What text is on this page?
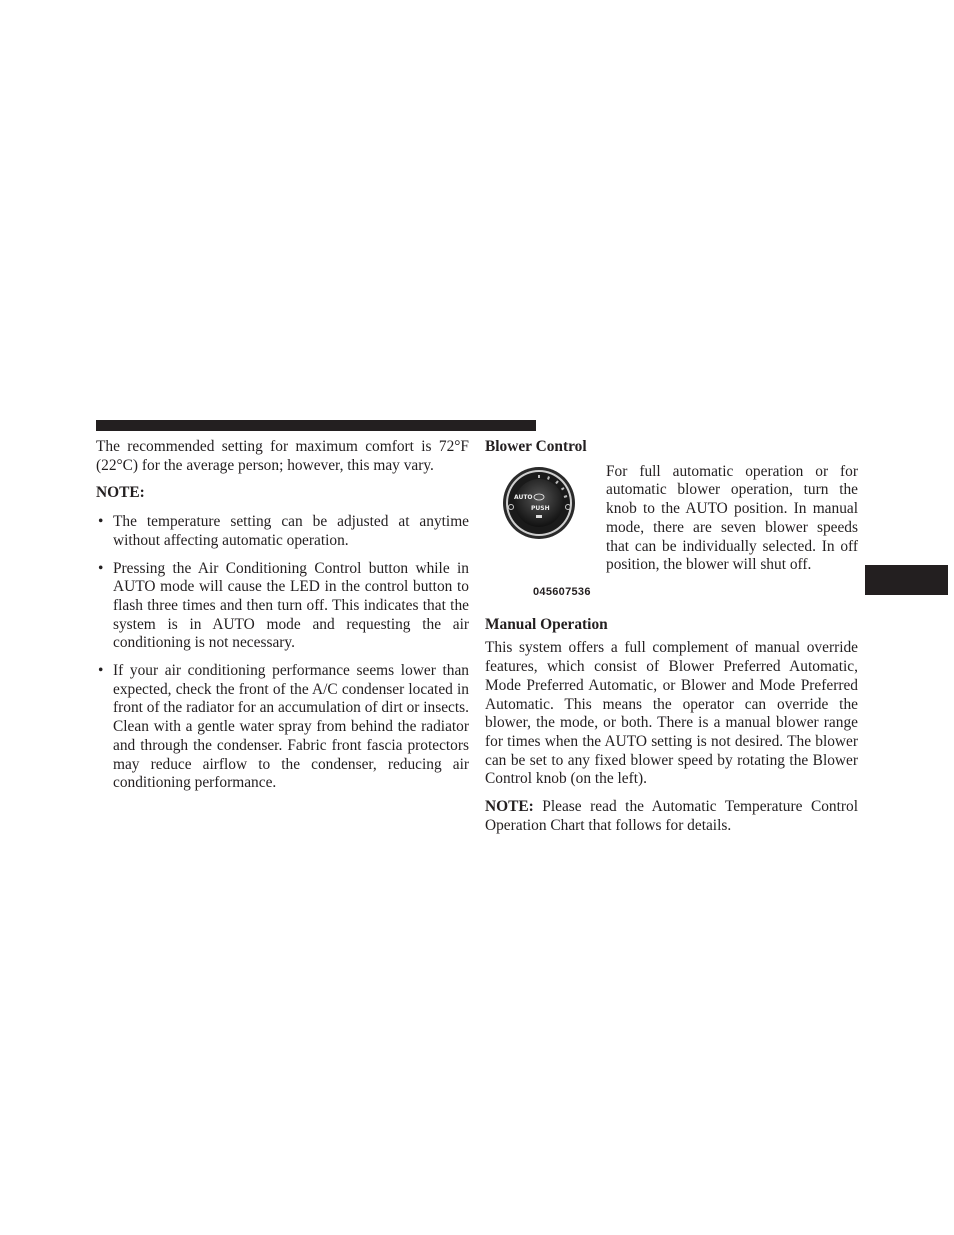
The recommended setting for maximum comfort is 72°F (22°C) for the average person; however, this may vary.

NOTE:
• The temperature setting can be adjusted at anytime without affecting automatic operation.
• Pressing the Air Conditioning Control button while in AUTO mode will cause the LED in the control button to flash three times and then turn off. This indicates that the system is in AUTO mode and requesting the air conditioning is not necessary.
• If your air conditioning performance seems lower than expected, check the front of the A/C condenser located in front of the radiator for an accumulation of dirt or insects. Clean with a gentle water spray from behind the radiator and through the condenser. Fabric front fascia protectors may reduce airflow to the condenser, reducing air conditioning performance.
Blower Control
AUTO
PUSH
045607536

For full automatic operation or for automatic blower operation, turn the knob to the AUTO position. In manual mode, there are seven blower speeds that can be individually selected. In off position, the blower will shut off.

Manual Operation

This system offers a full complement of manual override features, which consist of Blower Preferred Automatic, Mode Preferred Automatic, or Blower and Mode Preferred Automatic. This means the operator can override the blower, the mode, or both. There is a manual blower range for times when the AUTO setting is not desired. The blower can be set to any fixed blower speed by rotating the Blower Control knob (on the left).

NOTE: Please read the Automatic Temperature Control Operation Chart that follows for details.
